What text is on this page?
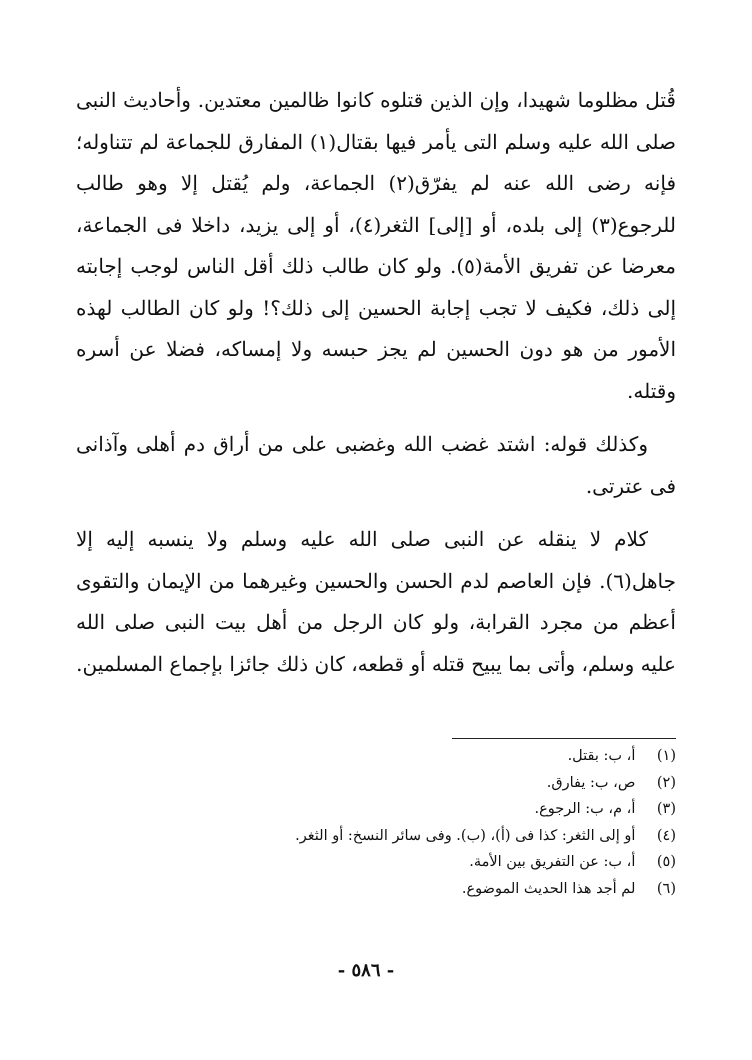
قُتل مظلوما شهيدا، وإن الذين قتلوه كانوا ظالمين معتدين. وأحاديث النبى صلى الله عليه وسلم التى يأمر فيها بقتال(١) المفارق للجماعة لم تتناوله؛ فإنه رضى الله عنه لم يفرّق(٢) الجماعة، ولم يُقتل إلا وهو طالب للرجوع(٣) إلى بلده، أو [إلى] الثغر(٤)، أو إلى يزيد، داخلا فى الجماعة، معرضا عن تفريق الأمة(٥). ولو كان طالب ذلك أقل الناس لوجب إجابته إلى ذلك، فكيف لا تجب إجابة الحسين إلى ذلك؟! ولو كان الطالب لهذه الأمور من هو دون الحسين لم يجز حبسه ولا إمساكه، فضلا عن أسره وقتله.

وكذلك قوله: اشتد غضب الله وغضبى على من أراق دم أهلى وآذانى فى عترتى.

كلام لا ينقله عن النبى صلى الله عليه وسلم ولا ينسبه إليه إلا جاهل(٦). فإن العاصم لدم الحسن والحسين وغيرهما من الإيمان والتقوى أعظم من مجرد القرابة، ولو كان الرجل من أهل بيت النبى صلى الله عليه وسلم، وأتى بما يبيح قتله أو قطعه، كان ذلك جائزا بإجماع المسلمين.

(١) أ، ب: بقتل.
(٢) ص، ب: يفارق.
(٣) أ، م، ب: الرجوع.
(٤) أو إلى الثغر: كذا فى (أ)، (ب). وفى سائر النسخ: أو الثغر.
(٥) أ، ب: عن التفريق بين الأمة.
(٦) لم أجد هذا الحديث الموضوع.
- ٥٨٦ -
